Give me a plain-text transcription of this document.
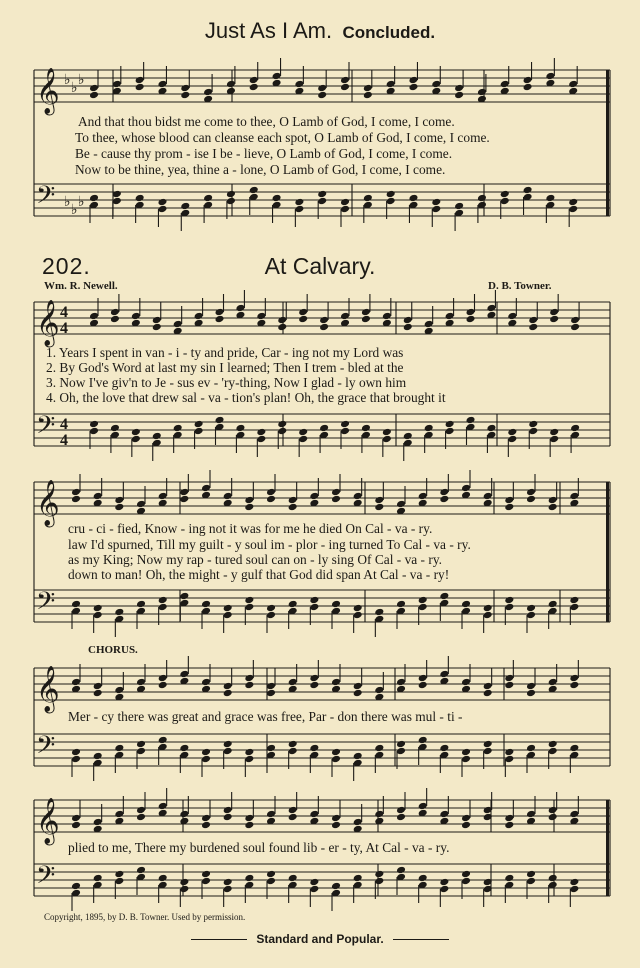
𝄞 ♭ ♭ ♭
𝄢 ♭ ♭ ♭
𝄞 4
4
𝄢 4
4
𝄞
𝄢
𝄞
𝄢
𝄞
𝄢
Just As I Am. Concluded.
And that thou bidst me come to thee, O Lamb of God, I come, I come.
To thee, whose blood can cleanse each spot, O Lamb of God, I come, I come.
Be - cause thy prom - ise I be - lieve, O Lamb of God, I come, I come.
Now to be thine, yea, thine a - lone, O Lamb of God, I come, I come.
202.	At Calvary.
Wm. R. Newell.	D. B. Towner.
1. Years I spent in van - i - ty and pride, Car - ing not my Lord was
2. By God's Word at last my sin I learned; Then I trem - bled at the
3. Now I've giv'n to Je - sus ev - 'ry-thing, Now I glad - ly own him
4. Oh, the love that drew sal - va - tion's plan! Oh, the grace that brought it
cru - ci - fied, Know - ing not it was for me he died On Cal - va - ry.
law I'd spurned, Till my guilt - y soul im - plor - ing turned To Cal - va - ry.
as my King; Now my rap - tured soul can on - ly sing Of Cal - va - ry.
down to man! Oh, the might - y gulf that God did span At Cal - va - ry!
CHORUS.
Mer - cy there was great and grace was free, Par - don there was mul - ti -
plied to me, There my burdened soul found lib - er - ty, At Cal - va - ry.
Copyright, 1895, by D. B. Towner. Used by permission.
Standard and Popular.
